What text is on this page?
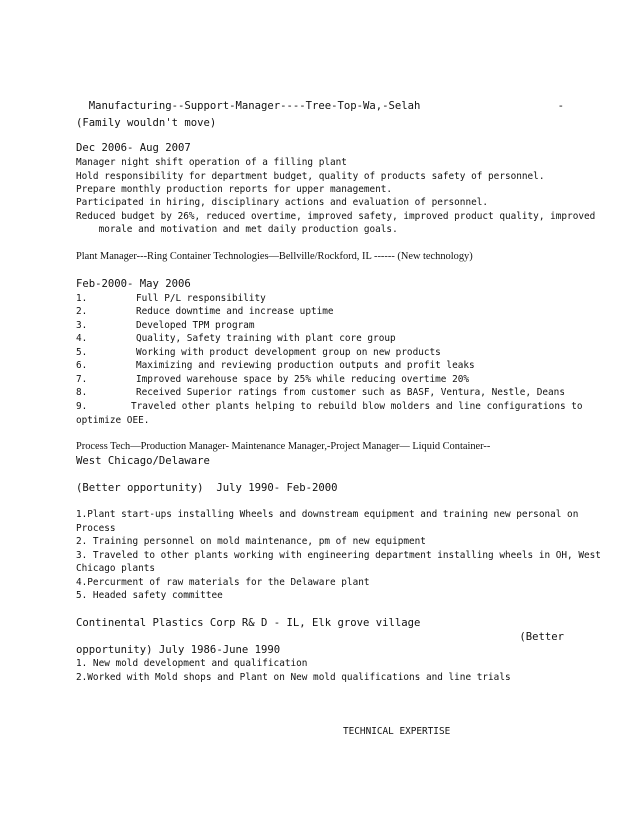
Manufacturing--Support-Manager----Tree-Top-Wa,-Selah	-
(Family wouldn't move)
Dec 2006- Aug 2007
Manager night shift operation of a filling plant
Hold responsibility for department budget, quality of products safety of personnel.
Prepare monthly production reports for upper management.
Participated in hiring, disciplinary actions and evaluation of personnel.
Reduced budget by 26%, reduced overtime, improved safety, improved product quality, improved
morale and motivation and met daily production goals.
Plant Manager---Ring Container Technologies—Bellville/Rockford, IL ------ (New technology)
Feb-2000- May 2006
1.	Full P/L responsibility
2.	Reduce downtime and increase uptime
3.	Developed TPM program
4.	Quality, Safety training with plant core group
5.	Working with product development group on new products
6.	Maximizing and reviewing production outputs and profit leaks
7.	Improved warehouse space by 25% while reducing overtime 20%
8.	Received Superior ratings from customer such as BASF, Ventura, Nestle, Deans
9.	Traveled other plants helping to rebuild blow molders and line configurations to
optimize OEE.
Process Tech—Production Manager- Maintenance Manager,-Project Manager— Liquid Container--
West Chicago/Delaware
(Better opportunity)  July 1990- Feb-2000
1.Plant start-ups installing Wheels and downstream equipment and training new personal on
Process
2. Training personnel on mold maintenance, pm of new equipment
3. Traveled to other plants working with engineering department installing wheels in OH, West
Chicago plants
4.Percurment of raw materials for the Delaware plant
5. Headed safety committee
Continental Plastics Corp R& D - IL, Elk grove village
(Better
opportunity) July 1986-June 1990
1. New mold development and qualification
2.Worked with Mold shops and Plant on New mold qualifications and line trials
TECHNICAL EXPERTISE
